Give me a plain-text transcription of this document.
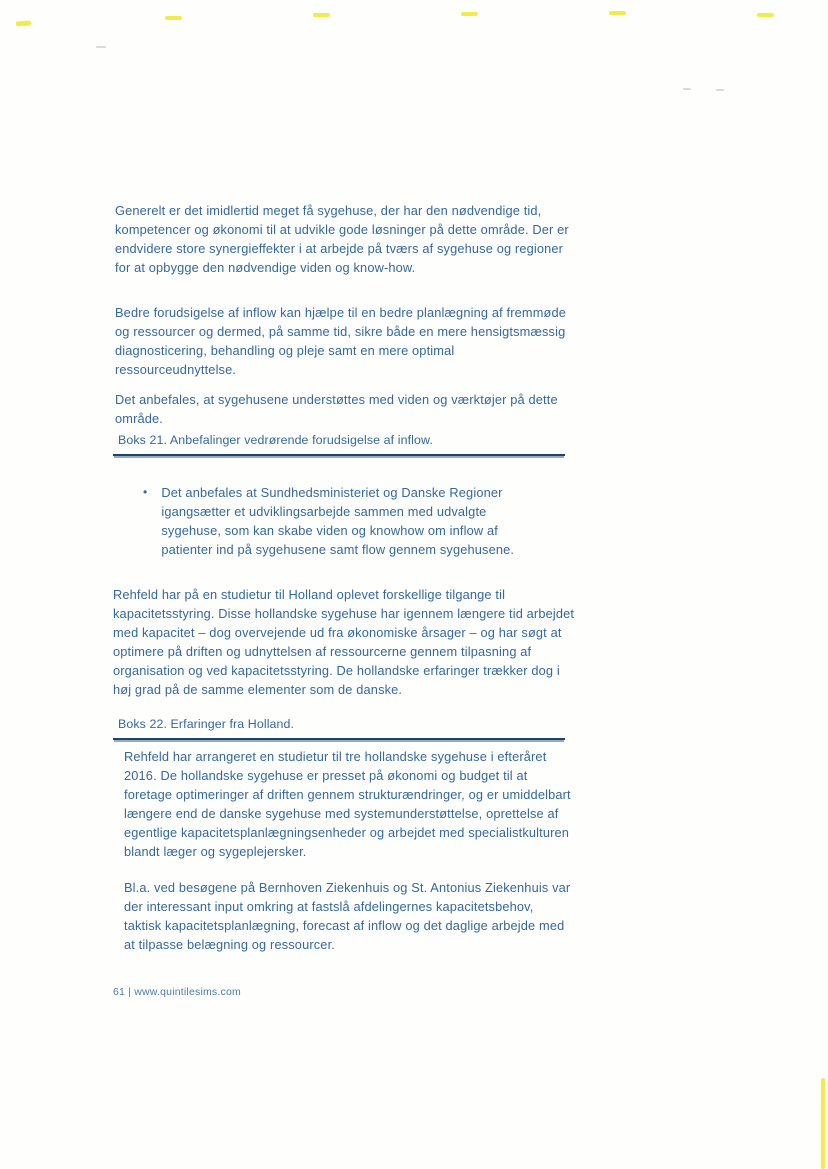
Generelt er det imidlertid meget få sygehuse, der har den nødvendige tid, kompetencer og økonomi til at udvikle gode løsninger på dette område. Der er endvidere store synergieffekter i at arbejde på tværs af sygehuse og regioner for at opbygge den nødvendige viden og know-how.
Bedre forudsigelse af inflow kan hjælpe til en bedre planlægning af fremmøde og ressourcer og dermed, på samme tid, sikre både en mere hensigtsmæssig diagnosticering, behandling og pleje samt en mere optimal ressourceudnyttelse.
Det anbefales, at sygehusene understøttes med viden og værktøjer på dette område.
Boks 21. Anbefalinger vedrørende forudsigelse af inflow.
• Det anbefales at Sundhedsministeriet og Danske Regioner igangsætter et udviklingsarbejde sammen med udvalgte sygehuse, som kan skabe viden og knowhow om inflow af patienter ind på sygehusene samt flow gennem sygehusene.
Rehfeld har på en studietur til Holland oplevet forskellige tilgange til kapacitetsstyring. Disse hollandske sygehuse har igennem længere tid arbejdet med kapacitet – dog overvejende ud fra økonomiske årsager – og har søgt at optimere på driften og udnyttelsen af ressourcerne gennem tilpasning af organisation og ved kapacitetsstyring. De hollandske erfaringer trækker dog i høj grad på de samme elementer som de danske.
Boks 22. Erfaringer fra Holland.
Rehfeld har arrangeret en studietur til tre hollandske sygehuse i efteråret 2016. De hollandske sygehuse er presset på økonomi og budget til at foretage optimeringer af driften gennem strukturændringer, og er umiddelbart længere end de danske sygehuse med systemunderstøttelse, oprettelse af egentlige kapacitetsplanlægningsenheder og arbejdet med specialistkulturen blandt læger og sygeplejersker.
Bl.a. ved besøgene på Bernhoven Ziekenhuis og St. Antonius Ziekenhuis var der interessant input omkring at fastslå afdelingernes kapacitetsbehov, taktisk kapacitetsplanlægning, forecast af inflow og det daglige arbejde med at tilpasse belægning og ressourcer.
61 | www.quintilesims.com
